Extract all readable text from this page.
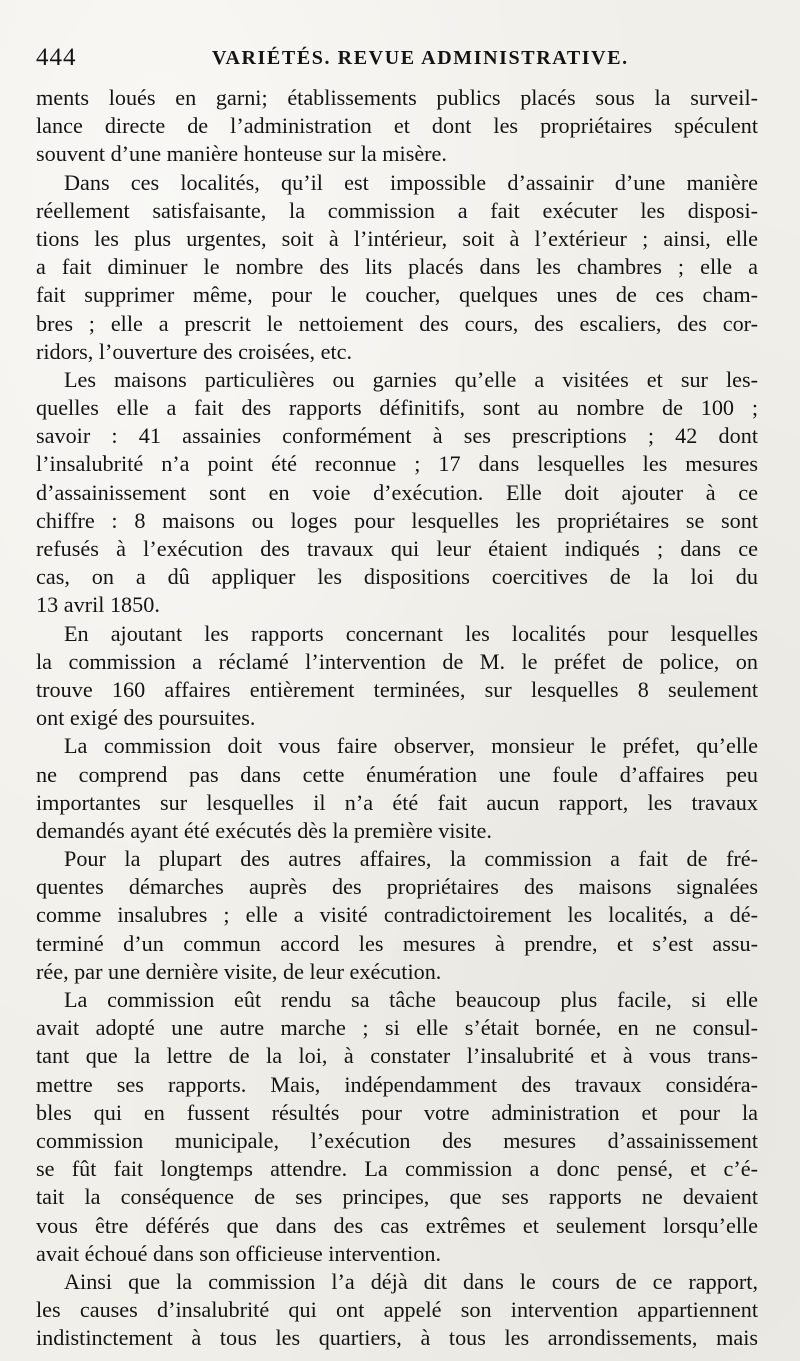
444	VARIÉTÉS. REVUE ADMINISTRATIVE.
ments loués en garni; établissements publics placés sous la surveil-
lance directe de l’administration et dont les propriétaires spéculent
souvent d’une manière honteuse sur la misère.
Dans ces localités, qu’il est impossible d’assainir d’une manière
réellement satisfaisante, la commission a fait exécuter les disposi-
tions les plus urgentes, soit à l’intérieur, soit à l’extérieur ; ainsi, elle
a fait diminuer le nombre des lits placés dans les chambres ; elle a
fait supprimer même, pour le coucher, quelques unes de ces cham-
bres ; elle a prescrit le nettoiement des cours, des escaliers, des cor-
ridors, l’ouverture des croisées, etc.
Les maisons particulières ou garnies qu’elle a visitées et sur les-
quelles elle a fait des rapports définitifs, sont au nombre de 100 ;
savoir : 41 assainies conformément à ses prescriptions ; 42 dont
l’insalubrité n’a point été reconnue ; 17 dans lesquelles les mesures
d’assainissement sont en voie d’exécution. Elle doit ajouter à ce
chiffre : 8 maisons ou loges pour lesquelles les propriétaires se sont
refusés à l’exécution des travaux qui leur étaient indiqués ; dans ce
cas, on a dû appliquer les dispositions coercitives de la loi du
13 avril 1850.
En ajoutant les rapports concernant les localités pour lesquelles
la commission a réclamé l’intervention de M. le préfet de police, on
trouve 160 affaires entièrement terminées, sur lesquelles 8 seulement
ont exigé des poursuites.
La commission doit vous faire observer, monsieur le préfet, qu’elle
ne comprend pas dans cette énumération une foule d’affaires peu
importantes sur lesquelles il n’a été fait aucun rapport, les travaux
demandés ayant été exécutés dès la première visite.
Pour la plupart des autres affaires, la commission a fait de fré-
quentes démarches auprès des propriétaires des maisons signalées
comme insalubres ; elle a visité contradictoirement les localités, a dé-
terminé d’un commun accord les mesures à prendre, et s’est assu-
rée, par une dernière visite, de leur exécution.
La commission eût rendu sa tâche beaucoup plus facile, si elle
avait adopté une autre marche ; si elle s’était bornée, en ne consul-
tant que la lettre de la loi, à constater l’insalubrité et à vous trans-
mettre ses rapports. Mais, indépendamment des travaux considéra-
bles qui en fussent résultés pour votre administration et pour la
commission municipale, l’exécution des mesures d’assainissement
se fût fait longtemps attendre. La commission a donc pensé, et c’é-
tait la conséquence de ses principes, que ses rapports ne devaient
vous être déférés que dans des cas extrêmes et seulement lorsqu’elle
avait échoué dans son officieuse intervention.
Ainsi que la commission l’a déjà dit dans le cours de ce rapport,
les causes d’insalubrité qui ont appelé son intervention appartiennent
indistinctement à tous les quartiers, à tous les arrondissements, mais
